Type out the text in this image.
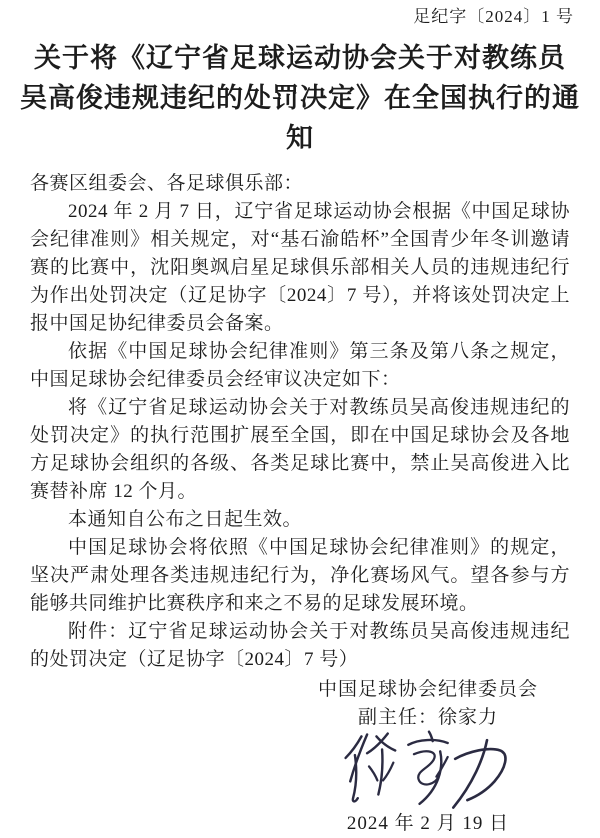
足纪字〔2024〕1 号
关于将《辽宁省足球运动协会关于对教练员
吴高俊违规违纪的处罚决定》在全国执行的通知

各赛区组委会、各足球俱乐部：

2024 年 2 月 7 日，辽宁省足球运动协会根据《中国足球协会纪律准则》相关规定，对“基石渝皓杯”全国青少年冬训邀请赛的比赛中，沈阳奥飒启星足球俱乐部相关人员的违规违纪行为作出处罚决定（辽足协字〔2024〕7 号），并将该处罚决定上报中国足协纪律委员会备案。

依据《中国足球协会纪律准则》第三条及第八条之规定，中国足球协会纪律委员会经审议决定如下：

将《辽宁省足球运动协会关于对教练员吴高俊违规违纪的处罚决定》的执行范围扩展至全国，即在中国足球协会及各地方足球协会组织的各级、各类足球比赛中，禁止吴高俊进入比赛替补席 12 个月。

本通知自公布之日起生效。

中国足球协会将依照《中国足球协会纪律准则》的规定，坚决严肃处理各类违规违纪行为，净化赛场风气。望各参与方能够共同维护比赛秩序和来之不易的足球发展环境。

附件：辽宁省足球运动协会关于对教练员吴高俊违规违纪的处罚决定（辽足协字〔2024〕7 号）

中国足球协会纪律委员会
副主任：徐家力
2024 年 2 月 19 日
